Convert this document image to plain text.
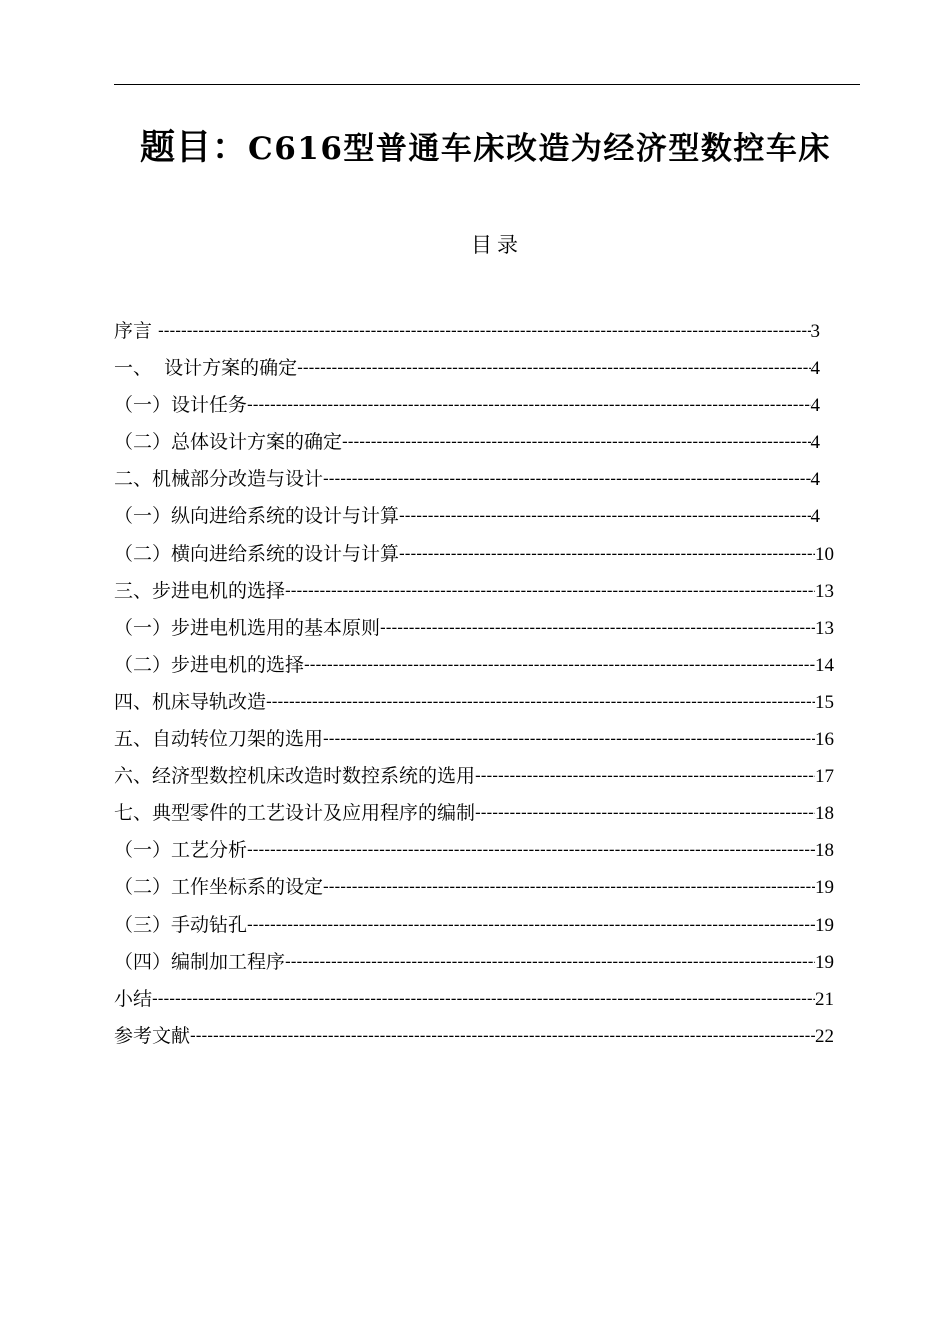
题目：C616型普通车床改造为经济型数控车床
目录
序言 -----	3
一、  设计方案的确定 -----	4
（一）设计任务 -----	4
（二）总体设计方案的确定 -----	4
二、机械部分改造与设计 -----	4
（一）纵向进给系统的设计与计算 -----	4
（二）横向进给系统的设计与计算 -----	10
三、步进电机的选择 -----	13
（一）步进电机选用的基本原则 -----	13
（二）步进电机的选择 -----	14
四、机床导轨改造 -----	15
五、自动转位刀架的选用 -----	16
六、经济型数控机床改造时数控系统的选用 -----	17
七、典型零件的工艺设计及应用程序的编制 -----	18
（一）工艺分析 -----	18
（二）工作坐标系的设定 -----	19
（三）手动钻孔 -----	19
（四）编制加工程序 -----	19
小结 -----	21
参考文献 -----	22
